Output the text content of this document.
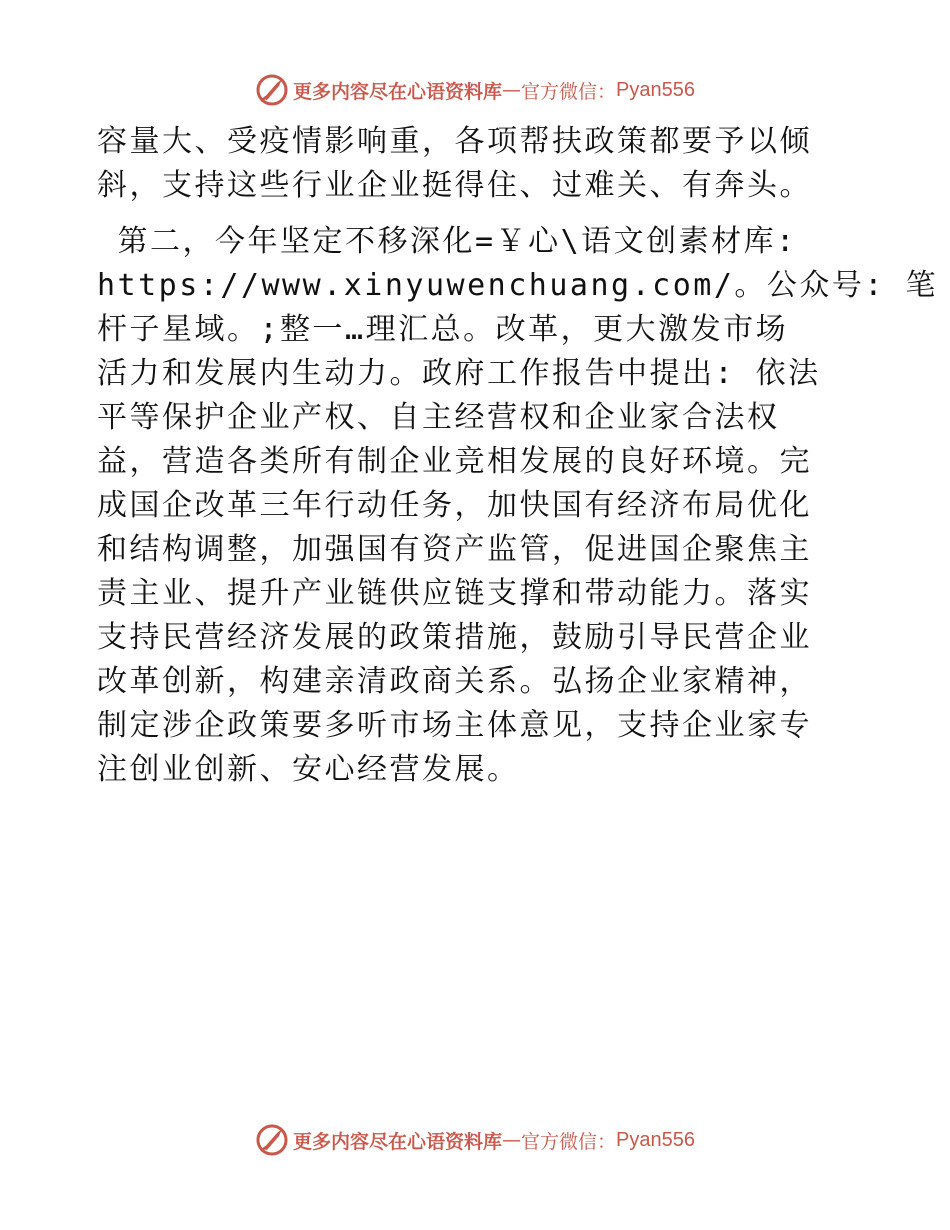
更多内容尽在心语资料库 — 官方微信： Pyan556

容量大、受疫情影响重，各项帮扶政策都要予以倾
斜，支持这些行业企业挺得住、过难关、有奔头。

第二，今年坚定不移深化=￥心\语文创素材库:
https://www.xinyuwenchuang.com/。公众号: 笔
杆子星域。;整一…理汇总。改革，更大激发市场
活力和发展内生动力。政府工作报告中提出: 依法
平等保护企业产权、自主经营权和企业家合法权
益，营造各类所有制企业竞相发展的良好环境。完
成国企改革三年行动任务，加快国有经济布局优化
和结构调整，加强国有资产监管，促进国企聚焦主
责主业、提升产业链供应链支撑和带动能力。落实
支持民营经济发展的政策措施，鼓励引导民营企业
改革创新，构建亲清政商关系。弘扬企业家精神，
制定涉企政策要多听市场主体意见，支持企业家专
注创业创新、安心经营发展。

更多内容尽在心语资料库 — 官方微信： Pyan556
